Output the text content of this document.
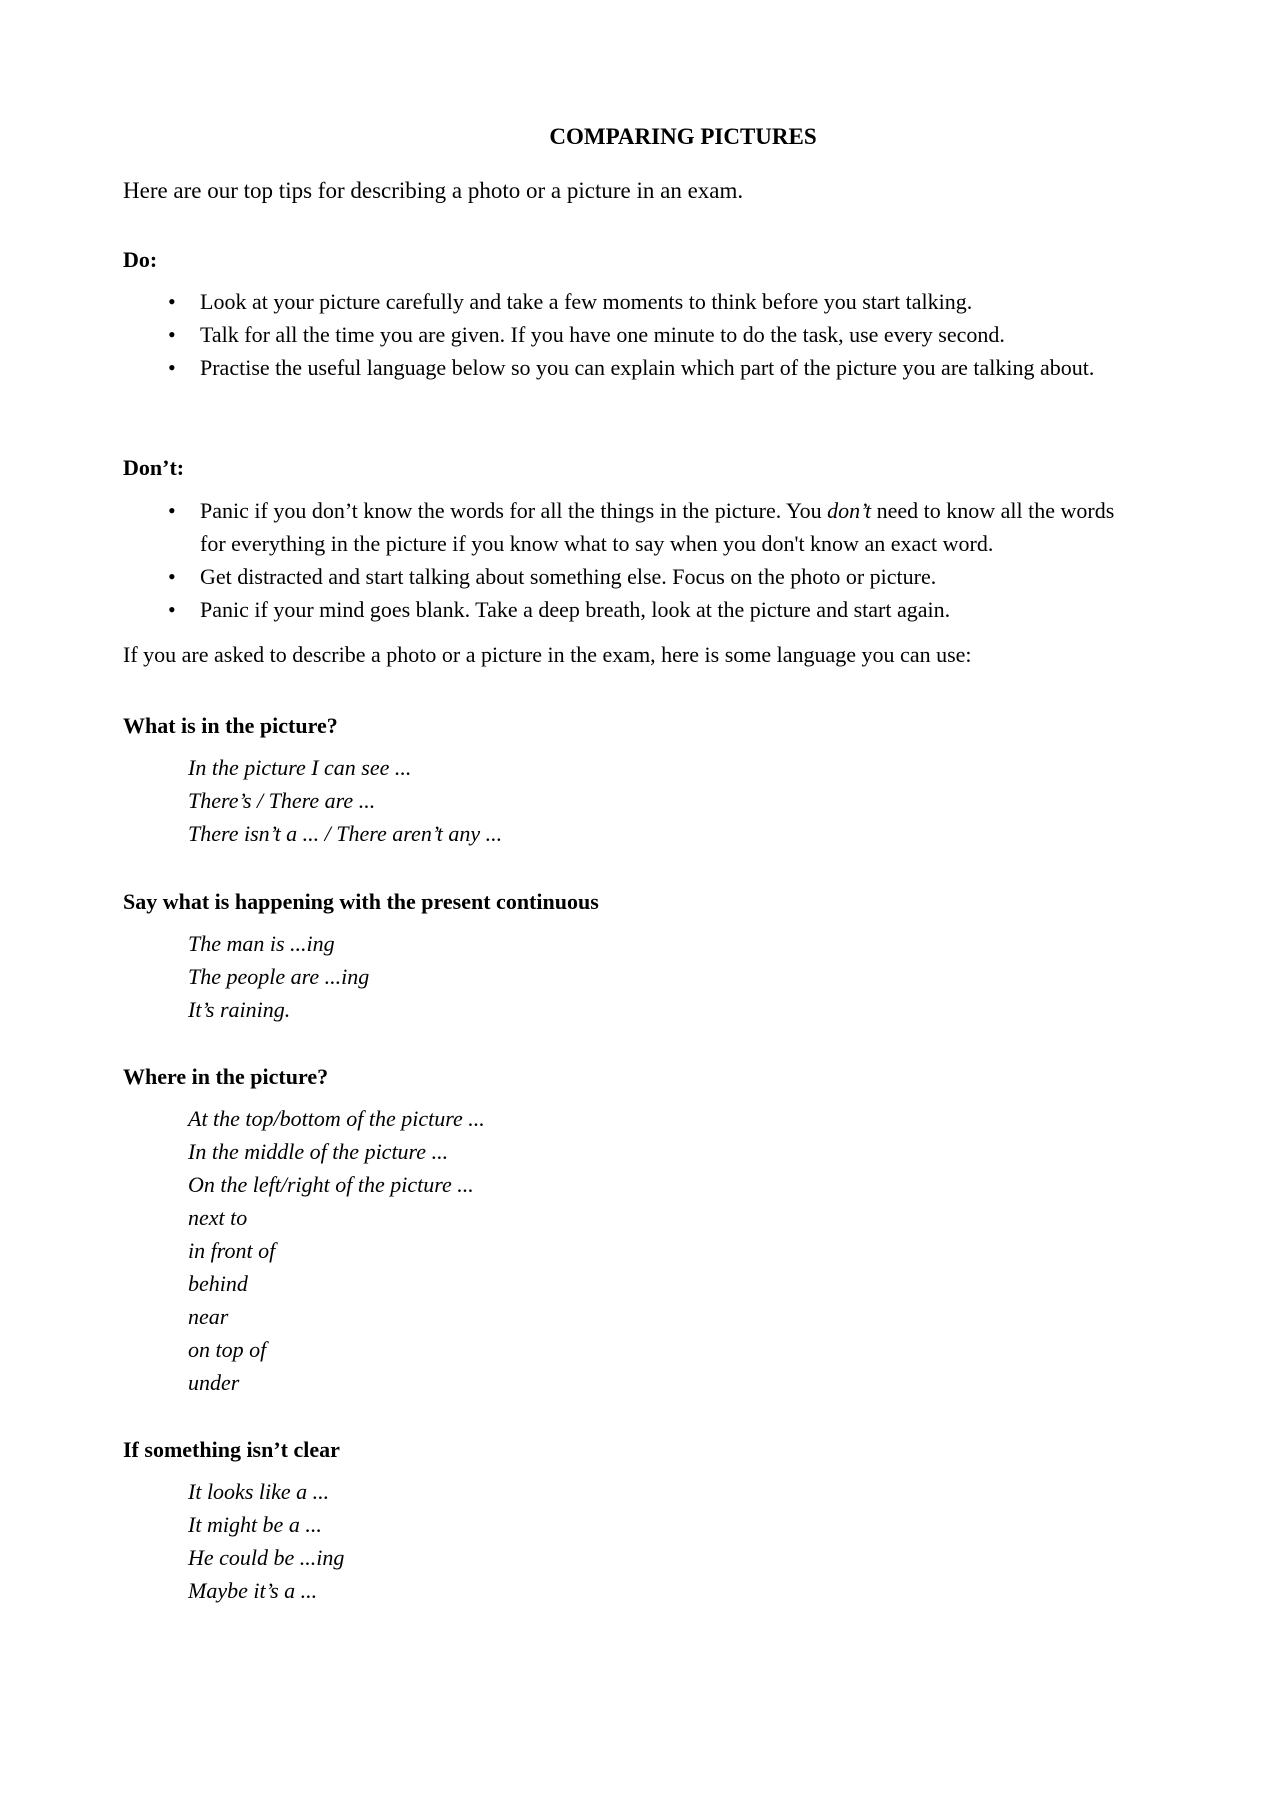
COMPARING PICTURES
Here are our top tips for describing a photo or a picture in an exam.
Do:
•	Look at your picture carefully and take a few moments to think before you start talking.
•	Talk for all the time you are given. If you have one minute to do the task, use every second.
•	Practise the useful language below so you can explain which part of the picture you are talking about.
Don’t:
•	Panic if you don’t know the words for all the things in the picture. You don’t need to know all the words for everything in the picture if you know what to say when you don't know an exact word.
•	Get distracted and start talking about something else. Focus on the photo or picture.
•	Panic if your mind goes blank. Take a deep breath, look at the picture and start again.
If you are asked to describe a photo or a picture in the exam, here is some language you can use:
What is in the picture?
In the picture I can see ...
There’s / There are ...
There isn’t a ... / There aren’t any ...
Say what is happening with the present continuous
The man is ...ing
The people are ...ing
It’s raining.
Where in the picture?
At the top/bottom of the picture ...
In the middle of the picture ...
On the left/right of the picture ...
next to
in front of
behind
near
on top of
under
If something isn’t clear
It looks like a ...
It might be a ...
He could be ...ing
Maybe it’s a ...
